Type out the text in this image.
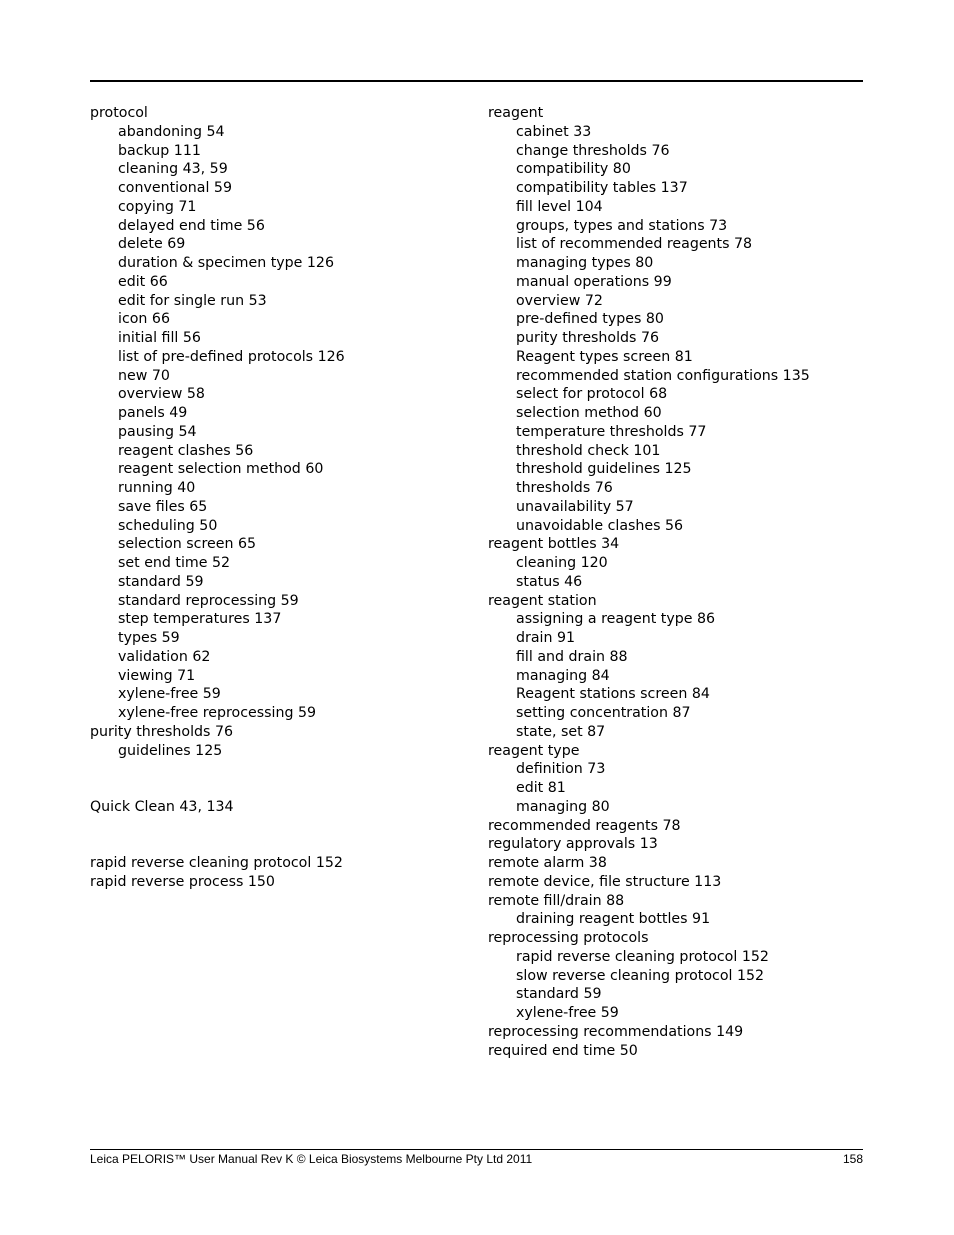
protocol
abandoning 54
backup 111
cleaning 43, 59
conventional 59
copying 71
delayed end time 56
delete 69
duration & specimen type 126
edit 66
edit for single run 53
icon 66
initial fill 56
list of pre-defined protocols 126
new 70
overview 58
panels 49
pausing 54
reagent clashes 56
reagent selection method 60
running 40
save files 65
scheduling 50
selection screen 65
set end time 52
standard 59
standard reprocessing 59
step temperatures 137
types 59
validation 62
viewing 71
xylene-free 59
xylene-free reprocessing 59
purity thresholds 76
guidelines 125
Quick Clean 43, 134
rapid reverse cleaning protocol 152
rapid reverse process 150
reagent
cabinet 33
change thresholds 76
compatibility 80
compatibility tables 137
fill level 104
groups, types and stations 73
list of recommended reagents 78
managing types 80
manual operations 99
overview 72
pre-defined types 80
purity thresholds 76
Reagent types screen 81
recommended station configurations 135
select for protocol 68
selection method 60
temperature thresholds 77
threshold check 101
threshold guidelines 125
thresholds 76
unavailability 57
unavoidable clashes 56
reagent bottles 34
cleaning 120
status 46
reagent station
assigning a reagent type 86
drain 91
fill and drain 88
managing 84
Reagent stations screen 84
setting concentration 87
state, set 87
reagent type
definition 73
edit 81
managing 80
recommended reagents 78
regulatory approvals 13
remote alarm 38
remote device, file structure 113
remote fill/drain 88
draining reagent bottles 91
reprocessing protocols
rapid reverse cleaning protocol 152
slow reverse cleaning protocol 152
standard 59
xylene-free 59
reprocessing recommendations 149
required end time 50
Leica PELORIS™ User Manual Rev K © Leica Biosystems Melbourne Pty Ltd 2011	158
